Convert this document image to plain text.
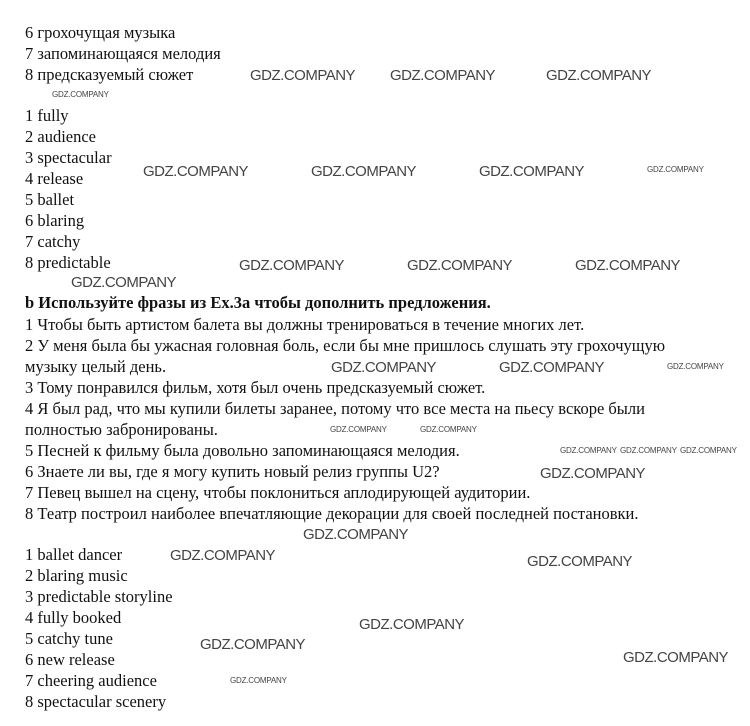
6 грохочущая музыка
7 запоминающаяся мелодия
8 предсказуемый сюжет
1 fully
2 audience
3 spectacular
4 release
5 ballet
6 blaring
7 catchy
8 predictable
b Используйте фразы из Ex.3a чтобы дополнить предложения.
1 Чтобы быть артистом балета вы должны тренироваться в течение многих лет.
2 У меня была бы ужасная головная боль, если бы мне пришлось слушать эту грохочущую
музыку целый день.
3 Тому понравился фильм, хотя был очень предсказуемый сюжет.
4 Я был рад, что мы купили билеты заранее, потому что все места на пьесу вскоре были
полностью забронированы.
5 Песней к фильму была довольно запоминающаяся мелодия.
6 Знаете ли вы, где я могу купить новый релиз группы U2?
7 Певец вышел на сцену, чтобы поклониться аплодирующей аудитории.
8 Театр построил наиболее впечатляющие декорации для своей последней постановки.
1 ballet dancer
2 blaring music
3 predictable storyline
4 fully booked
5 catchy tune
6 new release
7 cheering audience
8 spectacular scenery
GDZ.COMPANY
GDZ.COMPANY GDZ.COMPANY	GDZ.COMPANY
GDZ.COMPANY	GDZ.COMPANY	GDZ.COMPANY	GDZ.COMPANY
GDZ.COMPANY	GDZ.COMPANY	GDZ.COMPANY
GDZ.COMPANY
GDZ.COMPANY	GDZ.COMPANY	GDZ.COMPANY
GDZ.COMPANY	GDZ.COMPANY
GDZ.COMPANY GDZ.COMPANY
GDZ.COMPANY
GDZ.COMPANY
GDZ.COMPANY
GDZ.COMPANY	GDZ.COMPANY
GDZ.COMPANY
GDZ.COMPANY
GDZ.COMPANY
GDZ.COMPANY
